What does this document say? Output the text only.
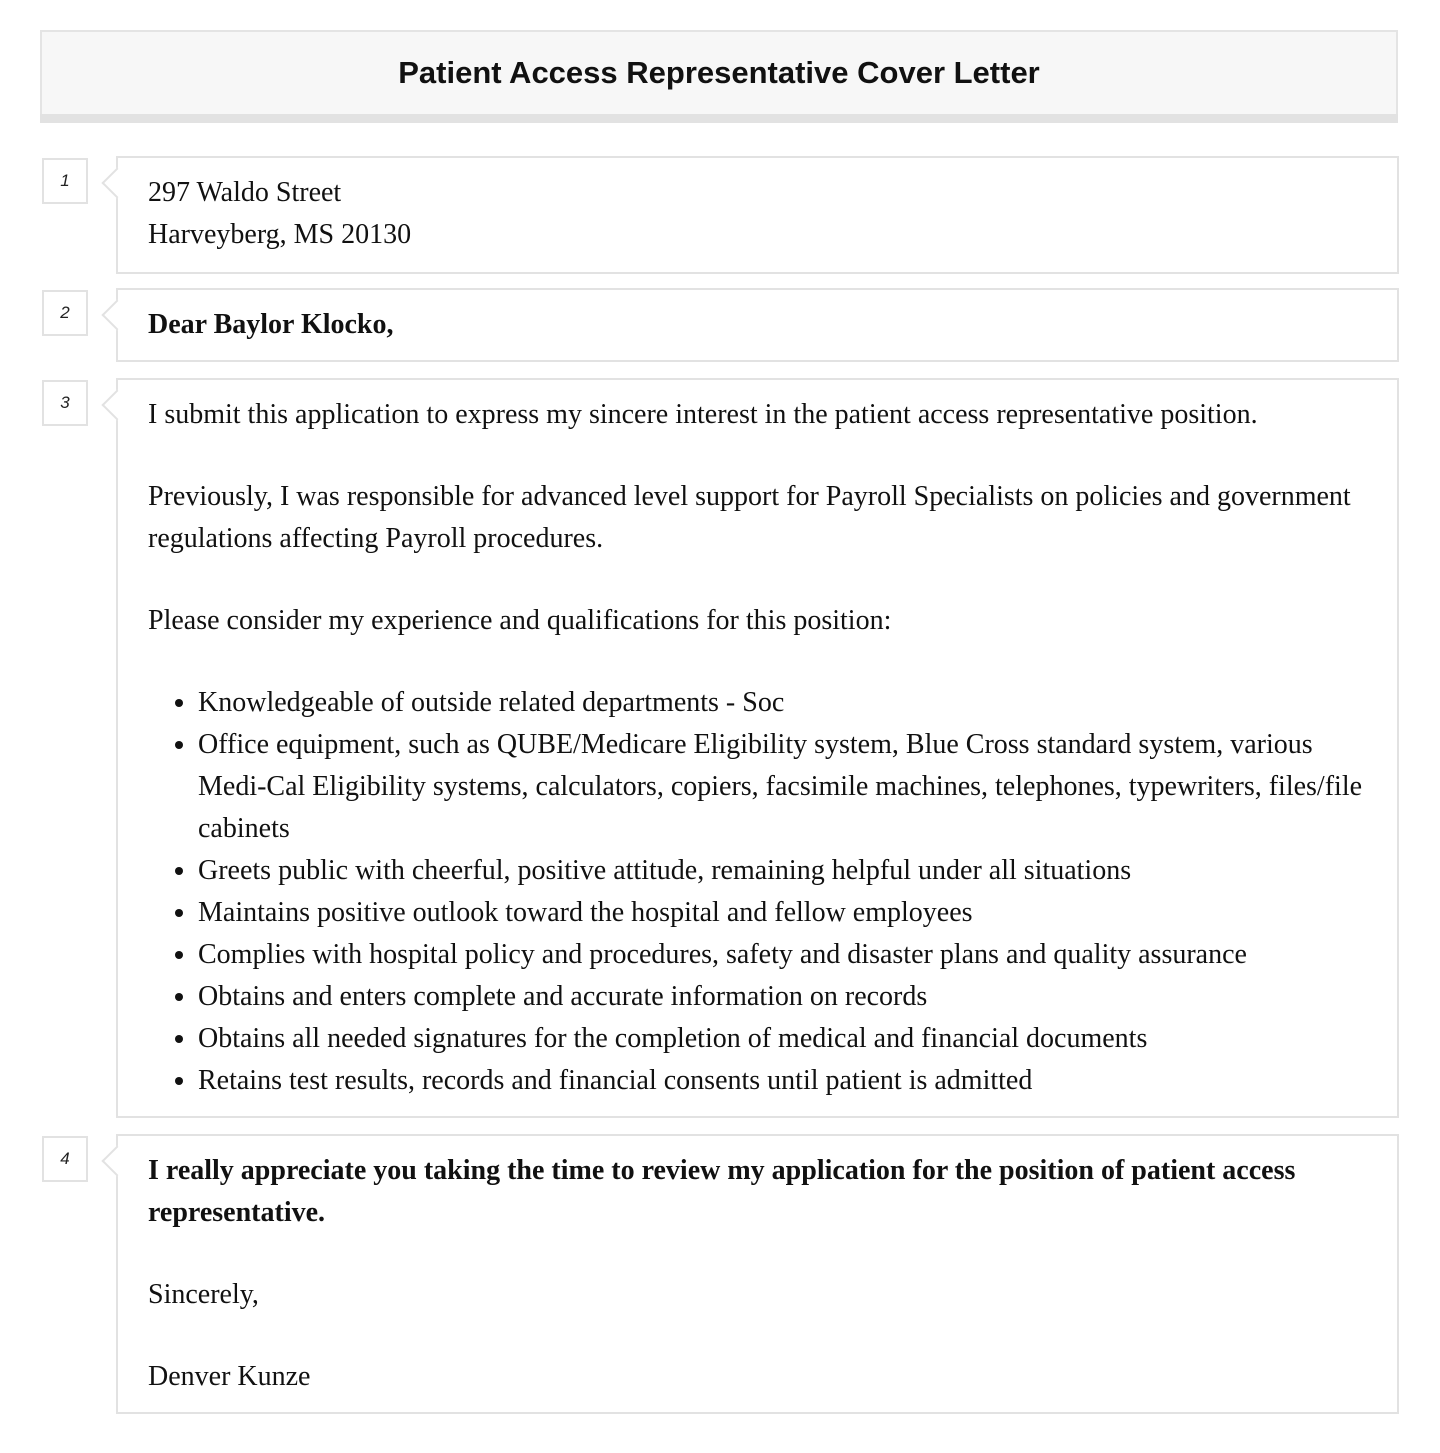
Patient Access Representative Cover Letter
1	297 Waldo Street

Harveyberg, MS 20130

2	Dear Baylor Klocko,

3	I submit this application to express my sincere interest in the patient access representative position.

Previously, I was responsible for advanced level support for Payroll Specialists on policies and government regulations affecting Payroll procedures.

Please consider my experience and qualifications for this position:

• Knowledgeable of outside related departments - Soc
• Office equipment, such as QUBE/Medicare Eligibility system, Blue Cross standard system, various Medi-Cal Eligibility systems, calculators, copiers, facsimile machines, telephones, typewriters, files/file cabinets
• Greets public with cheerful, positive attitude, remaining helpful under all situations
• Maintains positive outlook toward the hospital and fellow employees
• Complies with hospital policy and procedures, safety and disaster plans and quality assurance
• Obtains and enters complete and accurate information on records
• Obtains all needed signatures for the completion of medical and financial documents
• Retains test results, records and financial consents until patient is admitted
4	I really appreciate you taking the time to review my application for the position of patient access representative.

Sincerely,

Denver Kunze
